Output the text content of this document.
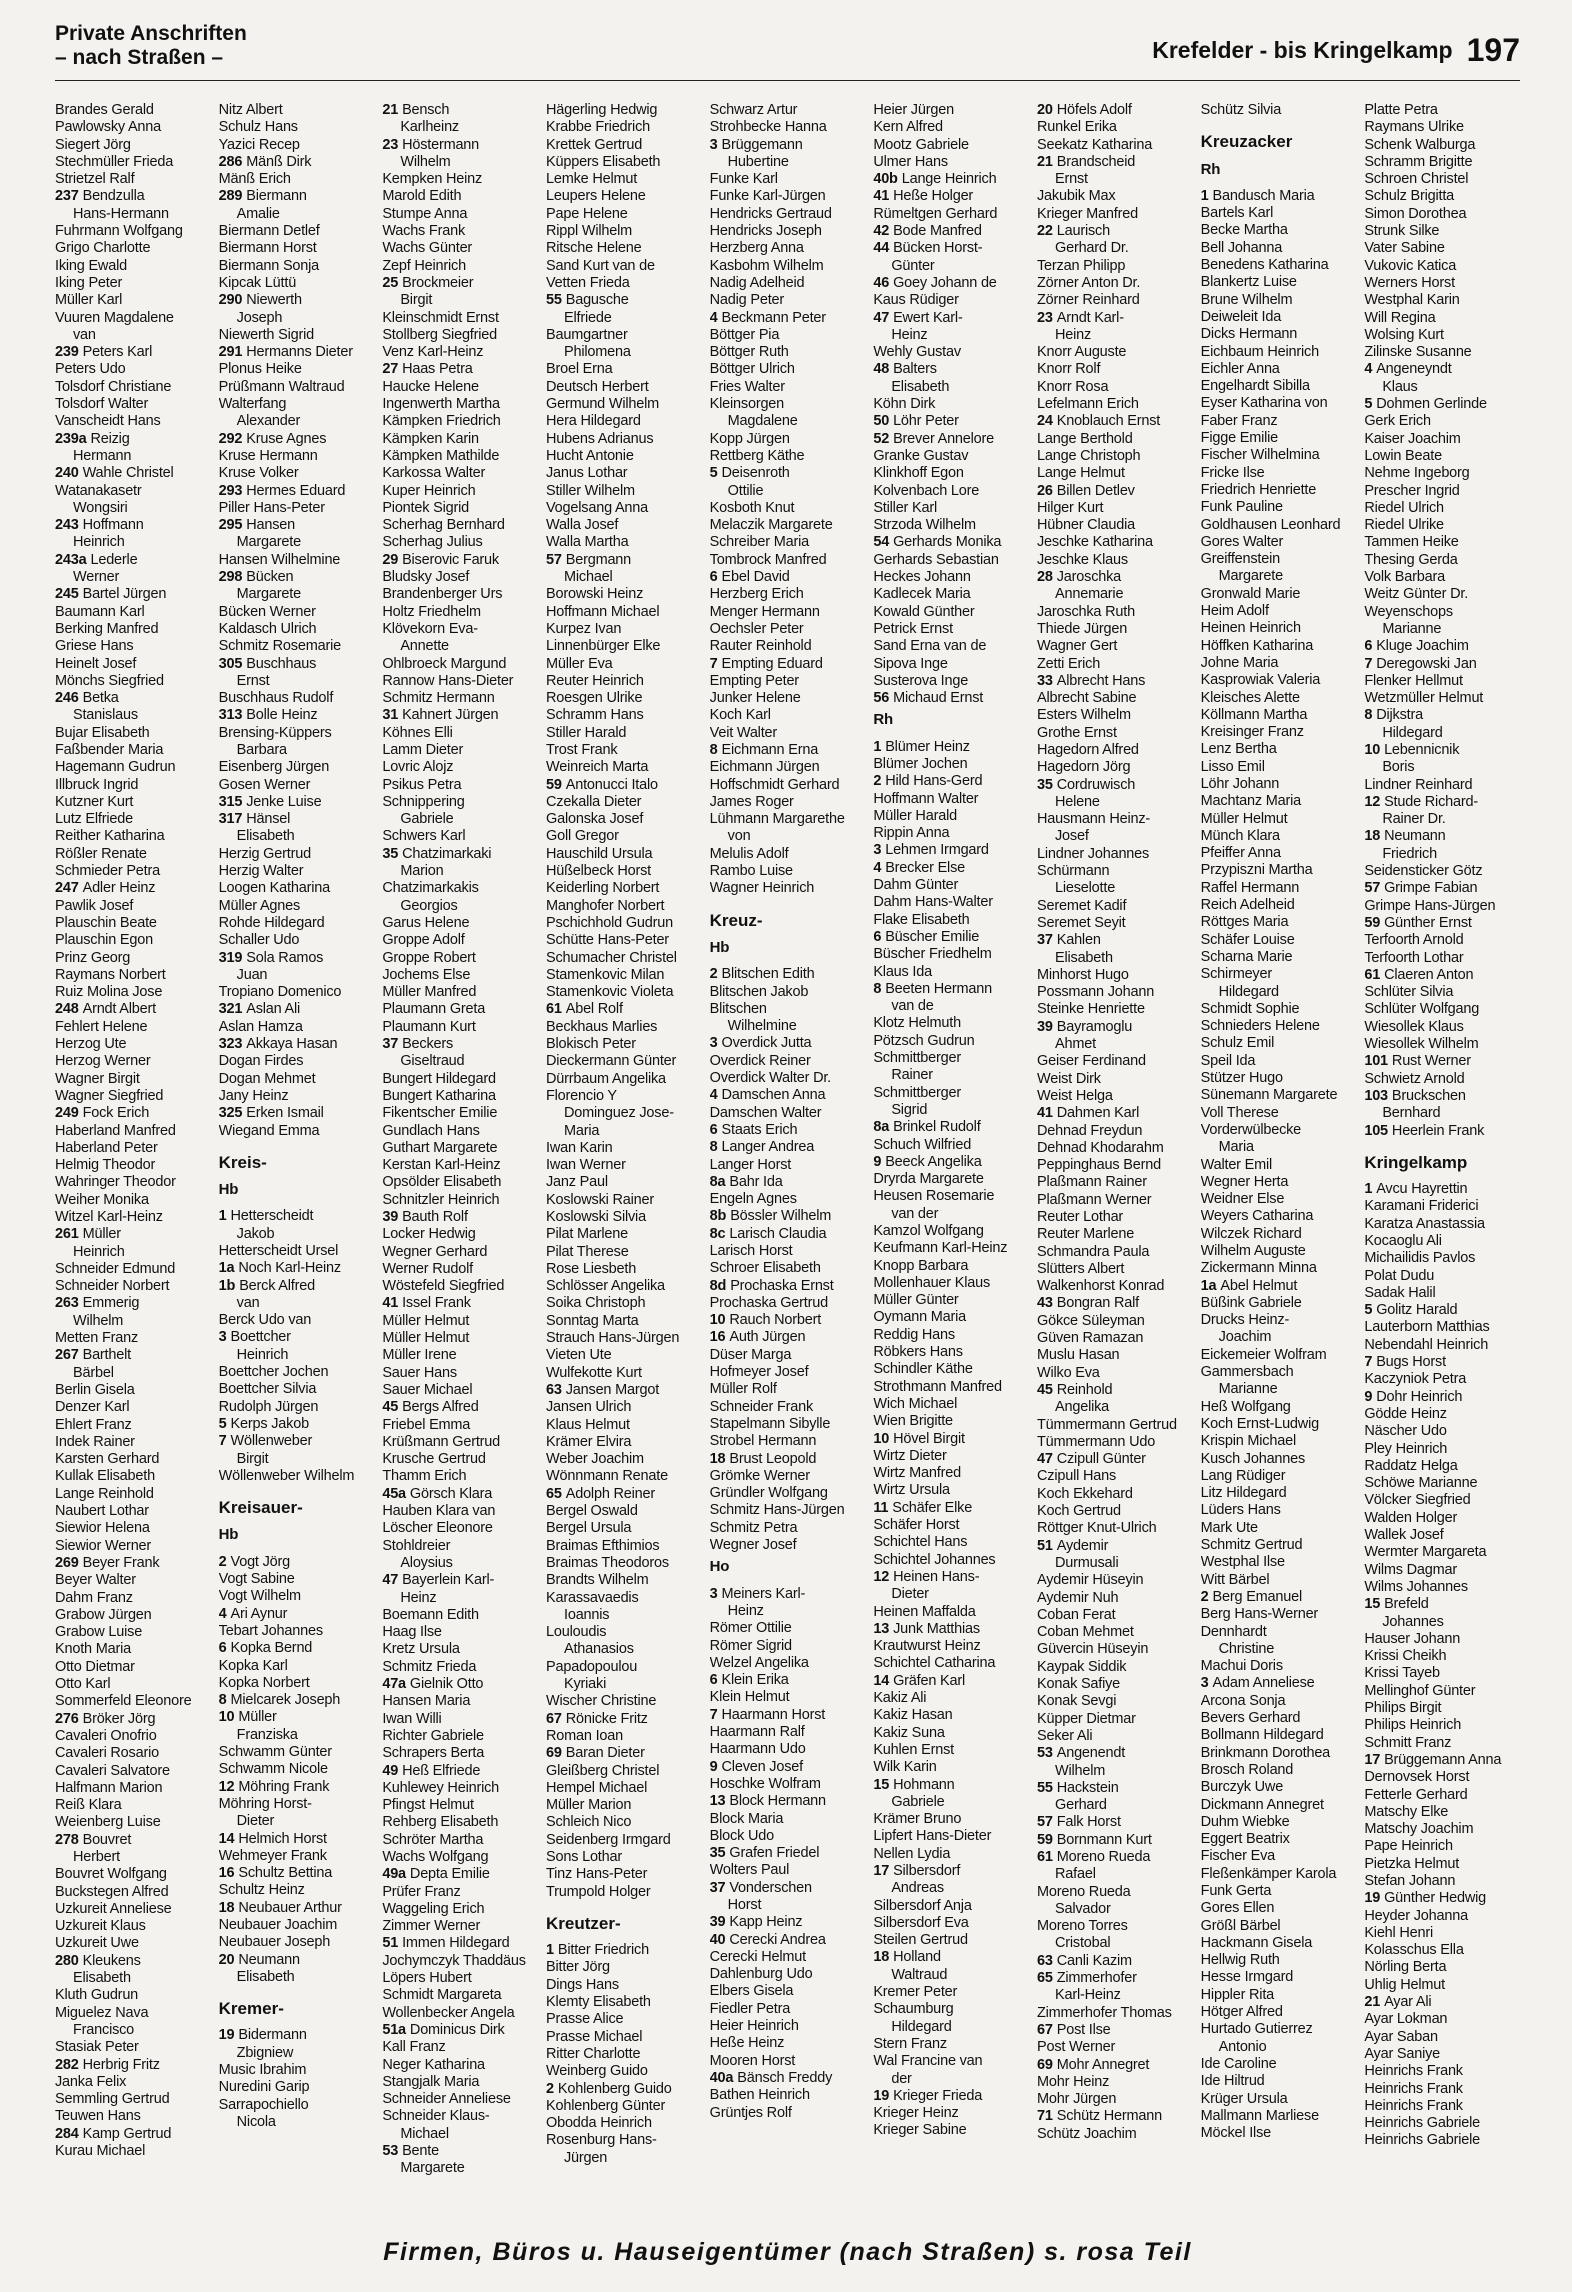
Private Anschriften
– nach Straßen –	Krefelder - bis Kringelkamp 197
Brandes Gerald
Pawlowsky Anna
Siegert Jörg
Stechmüller Frieda
Strietzel Ralf
237 Bendzulla
Hans-Hermann
Fuhrmann Wolfgang
Grigo Charlotte
Iking Ewald
Iking Peter
Müller Karl
Vuuren Magdalene
van
239 Peters Karl
Peters Udo
Tolsdorf Christiane
Tolsdorf Walter
Vanscheidt Hans
239a Reizig
Hermann
240 Wahle Christel
Watanakasetr
Wongsiri
243 Hoffmann
Heinrich
243a Lederle
Werner
245 Bartel Jürgen
Baumann Karl
Berking Manfred
Griese Hans
Heinelt Josef
Mönchs Siegfried
246 Betka
Stanislaus
Bujar Elisabeth
Faßbender Maria
Hagemann Gudrun
Illbruck Ingrid
Kutzner Kurt
Lutz Elfriede
Reither Katharina
Rößler Renate
Schmieder Petra
247 Adler Heinz
Pawlik Josef
Plauschin Beate
Plauschin Egon
Prinz Georg
Raymans Norbert
Ruiz Molina Jose
248 Arndt Albert
Fehlert Helene
Herzog Ute
Herzog Werner
Wagner Birgit
Wagner Siegfried
249 Fock Erich
Haberland Manfred
Haberland Peter
Helmig Theodor
Wahringer Theodor
Weiher Monika
Witzel Karl-Heinz
261 Müller
Heinrich
Schneider Edmund
Schneider Norbert
263 Emmerig
Wilhelm
Metten Franz
267 Barthelt
Bärbel
Berlin Gisela
Denzer Karl
Ehlert Franz
Indek Rainer
Karsten Gerhard
Kullak Elisabeth
Lange Reinhold
Naubert Lothar
Siewior Helena
Siewior Werner
269 Beyer Frank
Beyer Walter
Dahm Franz
Grabow Jürgen
Grabow Luise
Knoth Maria
Otto Dietmar
Otto Karl
Sommerfeld Eleonore
276 Bröker Jörg
Cavaleri Onofrio
Cavaleri Rosario
Cavaleri Salvatore
Halfmann Marion
Reiß Klara
Weienberg Luise
278 Bouvret
Herbert
Bouvret Wolfgang
Buckstegen Alfred
Uzkureit Anneliese
Uzkureit Klaus
Uzkureit Uwe
280 Kleukens
Elisabeth
Kluth Gudrun
Miguelez Nava
Francisco
Stasiak Peter
282 Herbrig Fritz
Janka Felix
Semmling Gertrud
Teuwen Hans
284 Kamp Gertrud
Kurau Michael
Nitz Albert
Schulz Hans
Yazici Recep
286 Mänß Dirk
Mänß Erich
289 Biermann
Amalie
Biermann Detlef
Biermann Horst
Biermann Sonja
Kipcak Lüttü
290 Niewerth
Joseph
Niewerth Sigrid
291 Hermanns Dieter
Plonus Heike
Prüßmann Waltraud
Walterfang
Alexander
292 Kruse Agnes
Kruse Hermann
Kruse Volker
293 Hermes Eduard
Piller Hans-Peter
295 Hansen
Margarete
Hansen Wilhelmine
298 Bücken
Margarete
Bücken Werner
Kaldasch Ulrich
Schmitz Rosemarie
305 Buschhaus
Ernst
Buschhaus Rudolf
313 Bolle Heinz
Brensing-Küppers
Barbara
Eisenberg Jürgen
Gosen Werner
315 Jenke Luise
317 Hänsel
Elisabeth
Herzig Gertrud
Herzig Walter
Loogen Katharina
Müller Agnes
Rohde Hildegard
Schaller Udo
319 Sola Ramos
Juan
Tropiano Domenico
321 Aslan Ali
Aslan Hamza
323 Akkaya Hasan
Dogan Firdes
Dogan Mehmet
Jany Heinz
325 Erken Ismail
Wiegand Emma
Kreis-
Hb
1 Hetterscheidt
Jakob
Hetterscheidt Ursel
1a Noch Karl-Heinz
1b Berck Alfred
van
Berck Udo van
3 Boettcher
Heinrich
Boettcher Jochen
Boettcher Silvia
Rudolph Jürgen
5 Kerps Jakob
7 Wöllenweber
Birgit
Wöllenweber Wilhelm
Kreisauer-
Hb
2 Vogt Jörg
Vogt Sabine
Vogt Wilhelm
4 Ari Aynur
Tebart Johannes
6 Kopka Bernd
Kopka Karl
Kopka Norbert
8 Mielcarek Joseph
10 Müller
Franziska
Schwamm Günter
Schwamm Nicole
12 Möhring Frank
Möhring Horst-
Dieter
14 Helmich Horst
Wehmeyer Frank
16 Schultz Bettina
Schultz Heinz
18 Neubauer Arthur
Neubauer Joachim
Neubauer Joseph
20 Neumann
Elisabeth
Kremer-
19 Bidermann
Zbigniew
Music Ibrahim
Nuredini Garip
Sarrapochiello
Nicola
21 Bensch
Karlheinz
23 Höstermann
Wilhelm
Kempken Heinz
Marold Edith
Stumpe Anna
Wachs Frank
Wachs Günter
Zepf Heinrich
25 Brockmeier
Birgit
Kleinschmidt Ernst
Stollberg Siegfried
Venz Karl-Heinz
27 Haas Petra
Haucke Helene
Ingenwerth Martha
Kämpken Friedrich
Kämpken Karin
Kämpken Mathilde
Karkossa Walter
Kuper Heinrich
Piontek Sigrid
Scherhag Bernhard
Scherhag Julius
29 Biserovic Faruk
Bludsky Josef
Brandenberger Urs
Holtz Friedhelm
Klövekorn Eva-
Annette
Ohlbroeck Margund
Rannow Hans-Dieter
Schmitz Hermann
31 Kahnert Jürgen
Köhnes Elli
Lamm Dieter
Lovric Alojz
Psikus Petra
Schnippering
Gabriele
Schwers Karl
35 Chatzimarkaki
Marion
Chatzimarkakis
Georgios
Garus Helene
Groppe Adolf
Groppe Robert
Jochems Else
Müller Manfred
Plaumann Greta
Plaumann Kurt
37 Beckers
Giseltraud
Bungert Hildegard
Bungert Katharina
Fikentscher Emilie
Gundlach Hans
Guthart Margarete
Kerstan Karl-Heinz
Opsölder Elisabeth
Schnitzler Heinrich
39 Bauth Rolf
Locker Hedwig
Wegner Gerhard
Werner Rudolf
Wöstefeld Siegfried
41 Issel Frank
Müller Helmut
Müller Helmut
Müller Irene
Sauer Hans
Sauer Michael
45 Bergs Alfred
Friebel Emma
Krüßmann Gertrud
Krusche Gertrud
Thamm Erich
45a Görsch Klara
Hauben Klara van
Löscher Eleonore
Stohldreier
Aloysius
47 Bayerlein Karl-
Heinz
Boemann Edith
Haag Ilse
Kretz Ursula
Schmitz Frieda
47a Gielnik Otto
Hansen Maria
Iwan Willi
Richter Gabriele
Schrapers Berta
49 Heß Elfriede
Kuhlewey Heinrich
Pfingst Helmut
Rehberg Elisabeth
Schröter Martha
Wachs Wolfgang
49a Depta Emilie
Prüfer Franz
Waggeling Erich
Zimmer Werner
51 Immen Hildegard
Jochymczyk Thaddäus
Löpers Hubert
Schmidt Margareta
Wollenbecker Angela
51a Dominicus Dirk
Kall Franz
Neger Katharina
Stangjalk Maria
Schneider Anneliese
Schneider Klaus-
Michael
53 Bente
Margarete
Hägerling Hedwig
Krabbe Friedrich
Krettek Gertrud
Küppers Elisabeth
Lemke Helmut
Leupers Helene
Pape Helene
Rippl Wilhelm
Ritsche Helene
Sand Kurt van de
Vetten Frieda
55 Bagusche
Elfriede
Baumgartner
Philomena
Broel Erna
Deutsch Herbert
Germund Wilhelm
Hera Hildegard
Hubens Adrianus
Hucht Antonie
Janus Lothar
Stiller Wilhelm
Vogelsang Anna
Walla Josef
Walla Martha
57 Bergmann
Michael
Borowski Heinz
Hoffmann Michael
Kurpez Ivan
Linnenbürger Elke
Müller Eva
Reuter Heinrich
Roesgen Ulrike
Schramm Hans
Stiller Harald
Trost Frank
Weinreich Marta
59 Antonucci Italo
Czekalla Dieter
Galonska Josef
Goll Gregor
Hauschild Ursula
Hüßelbeck Horst
Keiderling Norbert
Manghofer Norbert
Pschichhold Gudrun
Schütte Hans-Peter
Schumacher Christel
Stamenkovic Milan
Stamenkovic Violeta
61 Abel Rolf
Beckhaus Marlies
Blokisch Peter
Dieckermann Günter
Dürrbaum Angelika
Florencio Y
Dominguez Jose-
Maria
Iwan Karin
Iwan Werner
Janz Paul
Koslowski Rainer
Koslowski Silvia
Pilat Marlene
Pilat Therese
Rose Liesbeth
Schlösser Angelika
Soika Christoph
Sonntag Marta
Strauch Hans-Jürgen
Vieten Ute
Wulfekotte Kurt
63 Jansen Margot
Jansen Ulrich
Klaus Helmut
Krämer Elvira
Weber Joachim
Wönnmann Renate
65 Adolph Reiner
Bergel Oswald
Bergel Ursula
Braimas Efthimios
Braimas Theodoros
Brandts Wilhelm
Karassavaedis
Ioannis
Louloudis
Athanasios
Papadopoulou
Kyriaki
Wischer Christine
67 Rönicke Fritz
Roman Ioan
69 Baran Dieter
Gleißberg Christel
Hempel Michael
Müller Marion
Schleich Nico
Seidenberg Irmgard
Sons Lothar
Tinz Hans-Peter
Trumpold Holger
Kreutzer-
1 Bitter Friedrich
Bitter Jörg
Dings Hans
Klemty Elisabeth
Prasse Alice
Prasse Michael
Ritter Charlotte
Weinberg Guido
2 Kohlenberg Guido
Kohlenberg Günter
Obodda Heinrich
Rosenburg Hans-
Jürgen
Schwarz Artur
Strohbecke Hanna
3 Brüggemann
Hubertine
Funke Karl
Funke Karl-Jürgen
Hendricks Gertraud
Hendricks Joseph
Herzberg Anna
Kasbohm Wilhelm
Nadig Adelheid
Nadig Peter
4 Beckmann Peter
Böttger Pia
Böttger Ruth
Böttger Ulrich
Fries Walter
Kleinsorgen
Magdalene
Kopp Jürgen
Rettberg Käthe
5 Deisenroth
Ottilie
Kosboth Knut
Melaczik Margarete
Schreiber Maria
Tombrock Manfred
6 Ebel David
Herzberg Erich
Menger Hermann
Oechsler Peter
Rauter Reinhold
7 Empting Eduard
Empting Peter
Junker Helene
Koch Karl
Veit Walter
8 Eichmann Erna
Eichmann Jürgen
Hoffschmidt Gerhard
James Roger
Lühmann Margarethe
von
Melulis Adolf
Rambo Luise
Wagner Heinrich
Kreuz-
Hb
2 Blitschen Edith
Blitschen Jakob
Blitschen
Wilhelmine
3 Overdick Jutta
Overdick Reiner
Overdick Walter Dr.
4 Damschen Anna
Damschen Walter
6 Staats Erich
8 Langer Andrea
Langer Horst
8a Bahr Ida
Engeln Agnes
8b Bössler Wilhelm
8c Larisch Claudia
Larisch Horst
Schroer Elisabeth
8d Prochaska Ernst
Prochaska Gertrud
10 Rauch Norbert
16 Auth Jürgen
Düser Marga
Hofmeyer Josef
Müller Rolf
Schneider Frank
Stapelmann Sibylle
Strobel Hermann
18 Brust Leopold
Grömke Werner
Gründler Wolfgang
Schmitz Hans-Jürgen
Schmitz Petra
Wegner Josef
Ho
3 Meiners Karl-
Heinz
Römer Ottilie
Römer Sigrid
Welzel Angelika
6 Klein Erika
Klein Helmut
7 Haarmann Horst
Haarmann Ralf
Haarmann Udo
9 Cleven Josef
Hoschke Wolfram
13 Block Hermann
Block Maria
Block Udo
35 Grafen Friedel
Wolters Paul
37 Vonderschen
Horst
39 Kapp Heinz
40 Cerecki Andrea
Cerecki Helmut
Dahlenburg Udo
Elbers Gisela
Fiedler Petra
Heier Heinrich
Heße Heinz
Mooren Horst
40a Bänsch Freddy
Bathen Heinrich
Grüntjes Rolf
Heier Jürgen
Kern Alfred
Mootz Gabriele
Ulmer Hans
40b Lange Heinrich
41 Heße Holger
Rümeltgen Gerhard
42 Bode Manfred
44 Bücken Horst-
Günter
46 Goey Johann de
Kaus Rüdiger
47 Ewert Karl-
Heinz
Wehly Gustav
48 Balters
Elisabeth
Köhn Dirk
50 Löhr Peter
52 Brever Annelore
Granke Gustav
Klinkhoff Egon
Kolvenbach Lore
Stiller Karl
Strzoda Wilhelm
54 Gerhards Monika
Gerhards Sebastian
Heckes Johann
Kadlecek Maria
Kowald Günther
Petrick Ernst
Sand Erna van de
Sipova Inge
Susterova Inge
56 Michaud Ernst
Rh
1 Blümer Heinz
Blümer Jochen
2 Hild Hans-Gerd
Hoffmann Walter
Müller Harald
Rippin Anna
3 Lehmen Irmgard
4 Brecker Else
Dahm Günter
Dahm Hans-Walter
Flake Elisabeth
6 Büscher Emilie
Büscher Friedhelm
Klaus Ida
8 Beeten Hermann
van de
Klotz Helmuth
Pötzsch Gudrun
Schmittberger
Rainer
Schmittberger
Sigrid
8a Brinkel Rudolf
Schuch Wilfried
9 Beeck Angelika
Dryrda Margarete
Heusen Rosemarie
van der
Kamzol Wolfgang
Keufmann Karl-Heinz
Knopp Barbara
Mollenhauer Klaus
Müller Günter
Oymann Maria
Reddig Hans
Röbkers Hans
Schindler Käthe
Strothmann Manfred
Wich Michael
Wien Brigitte
10 Hövel Birgit
Wirtz Dieter
Wirtz Manfred
Wirtz Ursula
11 Schäfer Elke
Schäfer Horst
Schichtel Hans
Schichtel Johannes
12 Heinen Hans-
Dieter
Heinen Maffalda
13 Junk Matthias
Krautwurst Heinz
Schichtel Catharina
14 Gräfen Karl
Kakiz Ali
Kakiz Hasan
Kakiz Suna
Kuhlen Ernst
Wilk Karin
15 Hohmann
Gabriele
Krämer Bruno
Lipfert Hans-Dieter
Nellen Lydia
17 Silbersdorf
Andreas
Silbersdorf Anja
Silbersdorf Eva
Steilen Gertrud
18 Holland
Waltraud
Kremer Peter
Schaumburg
Hildegard
Stern Franz
Wal Francine van
der
19 Krieger Frieda
Krieger Heinz
Krieger Sabine
20 Höfels Adolf
Runkel Erika
Seekatz Katharina
21 Brandscheid
Ernst
Jakubik Max
Krieger Manfred
22 Laurisch
Gerhard Dr.
Terzan Philipp
Zörner Anton Dr.
Zörner Reinhard
23 Arndt Karl-
Heinz
Knorr Auguste
Knorr Rolf
Knorr Rosa
Lefelmann Erich
24 Knoblauch Ernst
Lange Berthold
Lange Christoph
Lange Helmut
26 Billen Detlev
Hilger Kurt
Hübner Claudia
Jeschke Katharina
Jeschke Klaus
28 Jaroschka
Annemarie
Jaroschka Ruth
Thiede Jürgen
Wagner Gert
Zetti Erich
33 Albrecht Hans
Albrecht Sabine
Esters Wilhelm
Grothe Ernst
Hagedorn Alfred
Hagedorn Jörg
35 Cordruwisch
Helene
Hausmann Heinz-
Josef
Lindner Johannes
Schürmann
Lieselotte
Seremet Kadif
Seremet Seyit
37 Kahlen
Elisabeth
Minhorst Hugo
Possmann Johann
Steinke Henriette
39 Bayramoglu
Ahmet
Geiser Ferdinand
Weist Dirk
Weist Helga
41 Dahmen Karl
Dehnad Freydun
Dehnad Khodarahm
Peppinghaus Bernd
Plaßmann Rainer
Plaßmann Werner
Reuter Lothar
Reuter Marlene
Schmandra Paula
Slütters Albert
Walkenhorst Konrad
43 Bongran Ralf
Gökce Süleyman
Güven Ramazan
Muslu Hasan
Wilko Eva
45 Reinhold
Angelika
Tümmermann Gertrud
Tümmermann Udo
47 Czipull Günter
Czipull Hans
Koch Ekkehard
Koch Gertrud
Röttger Knut-Ulrich
51 Aydemir
Durmusali
Aydemir Hüseyin
Aydemir Nuh
Coban Ferat
Coban Mehmet
Güvercin Hüseyin
Kaypak Siddik
Konak Safiye
Konak Sevgi
Küpper Dietmar
Seker Ali
53 Angenendt
Wilhelm
55 Hackstein
Gerhard
57 Falk Horst
59 Bornmann Kurt
61 Moreno Rueda
Rafael
Moreno Rueda
Salvador
Moreno Torres
Cristobal
63 Canli Kazim
65 Zimmerhofer
Karl-Heinz
Zimmerhofer Thomas
67 Post Ilse
Post Werner
69 Mohr Annegret
Mohr Heinz
Mohr Jürgen
71 Schütz Hermann
Schütz Joachim
Schütz Silvia
Kreuzacker
Rh
1 Bandusch Maria
Bartels Karl
Becke Martha
Bell Johanna
Benedens Katharina
Blankertz Luise
Brune Wilhelm
Deiweleit Ida
Dicks Hermann
Eichbaum Heinrich
Eichler Anna
Engelhardt Sibilla
Eyser Katharina von
Faber Franz
Figge Emilie
Fischer Wilhelmina
Fricke Ilse
Friedrich Henriette
Funk Pauline
Goldhausen Leonhard
Gores Walter
Greiffenstein
Margarete
Gronwald Marie
Heim Adolf
Heinen Heinrich
Höffken Katharina
Johne Maria
Kasprowiak Valeria
Kleisches Alette
Köllmann Martha
Kreisinger Franz
Lenz Bertha
Lisso Emil
Löhr Johann
Machtanz Maria
Müller Helmut
Münch Klara
Pfeiffer Anna
Przypiszni Martha
Raffel Hermann
Reich Adelheid
Röttges Maria
Schäfer Louise
Scharna Marie
Schirmeyer
Hildegard
Schmidt Sophie
Schnieders Helene
Schulz Emil
Speil Ida
Stützer Hugo
Sünemann Margarete
Voll Therese
Vorderwülbecke
Maria
Walter Emil
Wegner Herta
Weidner Else
Weyers Catharina
Wilczek Richard
Wilhelm Auguste
Zickermann Minna
1a Abel Helmut
Büßink Gabriele
Drucks Heinz-
Joachim
Eickemeier Wolfram
Gammersbach
Marianne
Heß Wolfgang
Koch Ernst-Ludwig
Krispin Michael
Kusch Johannes
Lang Rüdiger
Litz Hildegard
Lüders Hans
Mark Ute
Schmitz Gertrud
Westphal Ilse
Witt Bärbel
2 Berg Emanuel
Berg Hans-Werner
Dennhardt
Christine
Machui Doris
3 Adam Anneliese
Arcona Sonja
Bevers Gerhard
Bollmann Hildegard
Brinkmann Dorothea
Brosch Roland
Burczyk Uwe
Dickmann Annegret
Duhm Wiebke
Eggert Beatrix
Fischer Eva
Fleßenkämper Karola
Funk Gerta
Gores Ellen
Größl Bärbel
Hackmann Gisela
Hellwig Ruth
Hesse Irmgard
Hippler Rita
Hötger Alfred
Hurtado Gutierrez
Antonio
Ide Caroline
Ide Hiltrud
Krüger Ursula
Mallmann Marliese
Möckel Ilse
Platte Petra
Raymans Ulrike
Schenk Walburga
Schramm Brigitte
Schroen Christel
Schulz Brigitta
Simon Dorothea
Strunk Silke
Vater Sabine
Vukovic Katica
Werners Horst
Westphal Karin
Will Regina
Wolsing Kurt
Zilinske Susanne
4 Angeneyndt
Klaus
5 Dohmen Gerlinde
Gerk Erich
Kaiser Joachim
Lowin Beate
Nehme Ingeborg
Prescher Ingrid
Riedel Ulrich
Riedel Ulrike
Tammen Heike
Thesing Gerda
Volk Barbara
Weitz Günter Dr.
Weyenschops
Marianne
6 Kluge Joachim
7 Deregowski Jan
Flenker Hellmut
Wetzmüller Helmut
8 Dijkstra
Hildegard
10 Lebennicnik
Boris
Lindner Reinhard
12 Stude Richard-
Rainer Dr.
18 Neumann
Friedrich
Seidensticker Götz
57 Grimpe Fabian
Grimpe Hans-Jürgen
59 Günther Ernst
Terfoorth Arnold
Terfoorth Lothar
61 Claeren Anton
Schlüter Silvia
Schlüter Wolfgang
Wiesollek Klaus
Wiesollek Wilhelm
101 Rust Werner
Schwietz Arnold
103 Bruckschen
Bernhard
105 Heerlein Frank
Kringelkamp
1 Avcu Hayrettin
Karamani Friderici
Karatza Anastassia
Kocaoglu Ali
Michailidis Pavlos
Polat Dudu
Sadak Halil
5 Golitz Harald
Lauterborn Matthias
Nebendahl Heinrich
7 Bugs Horst
Kaczyniok Petra
9 Dohr Heinrich
Gödde Heinz
Näscher Udo
Pley Heinrich
Raddatz Helga
Schöwe Marianne
Völcker Siegfried
Walden Holger
Wallek Josef
Wermter Margareta
Wilms Dagmar
Wilms Johannes
15 Brefeld
Johannes
Hauser Johann
Krissi Cheikh
Krissi Tayeb
Mellinghof Günter
Philips Birgit
Philips Heinrich
Schmitt Franz
17 Brüggemann Anna
Dernovsek Horst
Fetterle Gerhard
Matschy Elke
Matschy Joachim
Pape Heinrich
Pietzka Helmut
Stefan Johann
19 Günther Hedwig
Heyder Johanna
Kiehl Henri
Kolasschus Ella
Nörling Berta
Uhlig Helmut
21 Ayar Ali
Ayar Lokman
Ayar Saban
Ayar Saniye
Heinrichs Frank
Heinrichs Frank
Heinrichs Frank
Heinrichs Gabriele
Heinrichs Gabriele
Firmen, Büros u. Hauseigentümer (nach Straßen) s. rosa Teil
